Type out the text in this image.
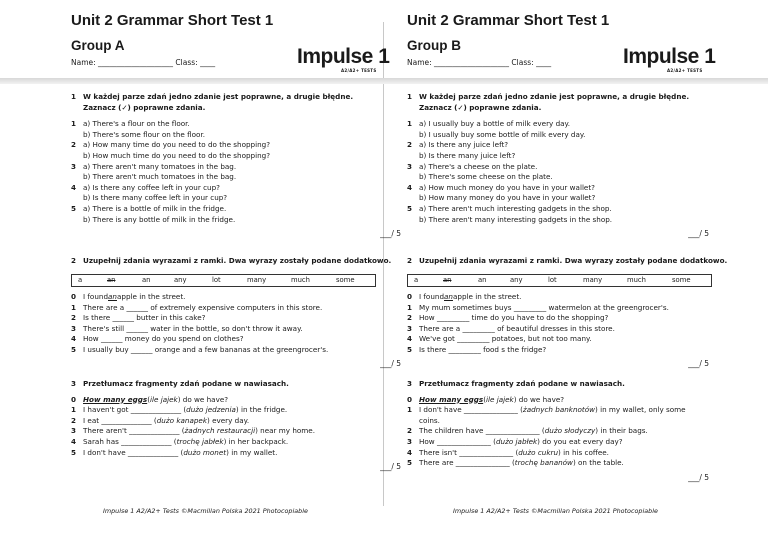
Unit 2 Grammar Short Test 1
Group A
Name: ____________________ Class: ____	Impulse 1
A2/A2+ TESTS
1 W każdej parze zdań jedno zdanie jest poprawne, a drugie błędne.
Zaznacz (✓) poprawne zdania.
1 a) There's a flour on the floor.
b) There's some flour on the floor.
2 a) How many time do you need to do the shopping?
b) How much time do you need to do the shopping?
3 a) There aren't many tomatoes in the bag.
b) There aren't much tomatoes in the bag.
4 a) Is there any coffee left in your cup?
b) Is there many coffee left in your cup?
5 a) There is a bottle of milk in the fridge.
b) There is any bottle of milk in the fridge.
___/ 5
2 Uzupełnij zdania wyrazami z ramki. Dwa wyrazy zostały podane dodatkowo.
a	an	an	any	lot	many	much	some
0 I found an apple in the street.
1 There are a ______ of extremely expensive computers in this store.
2 Is there ______ butter in this cake?
3 There's still ______ water in the bottle, so don't throw it away.
4 How ______ money do you spend on clothes?
5 I usually buy ______ orange and a few bananas at the greengrocer's.
___/ 5
3 Przetłumacz fragmenty zdań podane w nawiasach.
0 How many eggs ( ile jajek ) do we have?
1 I haven't got ______________ ( dużo jedzenia ) in the fridge.
2 I eat ______________ ( dużo kanapek ) every day.
3 There aren't ______________ ( żadnych restauracji ) near my home.
4 Sarah has ______________ ( trochę jabłek ) in her backpack.
5 I don't have ______________ ( dużo monet ) in my wallet.
___/ 5
Impulse 1 A2/A2+ Tests ©Macmillan Polska 2021 Photocopiable
Unit 2 Grammar Short Test 1
Group B
Name: ____________________ Class: ____	Impulse 1
A2/A2+ TESTS
1 W każdej parze zdań jedno zdanie jest poprawne, a drugie błędne.
Zaznacz (✓) poprawne zdania.
1 a) I usually buy a bottle of milk every day.
b) I usually buy some bottle of milk every day.
2 a) Is there any juice left?
b) Is there many juice left?
3 a) There's a cheese on the plate.
b) There's some cheese on the plate.
4 a) How much money do you have in your wallet?
b) How many money do you have in your wallet?
5 a) There aren't much interesting gadgets in the shop.
b) There aren't many interesting gadgets in the shop.
___/ 5
2 Uzupełnij zdania wyrazami z ramki. Dwa wyrazy zostały podane dodatkowo.
a	an	an	any	lot	many	much	some
0 I found an apple in the street.
1 My mum sometimes buys _________ watermelon at the greengrocer's.
2 How _________ time do you have to do the shopping?
3 There are a _________ of beautiful dresses in this store.
4 We've got _________ potatoes, but not too many.
5 Is there _________ food s the fridge?
___/ 5
3 Przetłumacz fragmenty zdań podane w nawiasach.
0 How many eggs ( ile jajek ) do we have?
1 I don't have _______________ ( żadnych banknotów ) in my wallet, only some
coins.
2 The children have _______________ ( dużo słodyczy ) in their bags.
3 How _______________ ( dużo jabłek ) do you eat every day?
4 There isn't _______________ ( dużo cukru ) in his coffee.
5 There are _______________ ( trochę bananów ) on the table.
___/ 5
Impulse 1 A2/A2+ Tests ©Macmillan Polska 2021 Photocopiable
